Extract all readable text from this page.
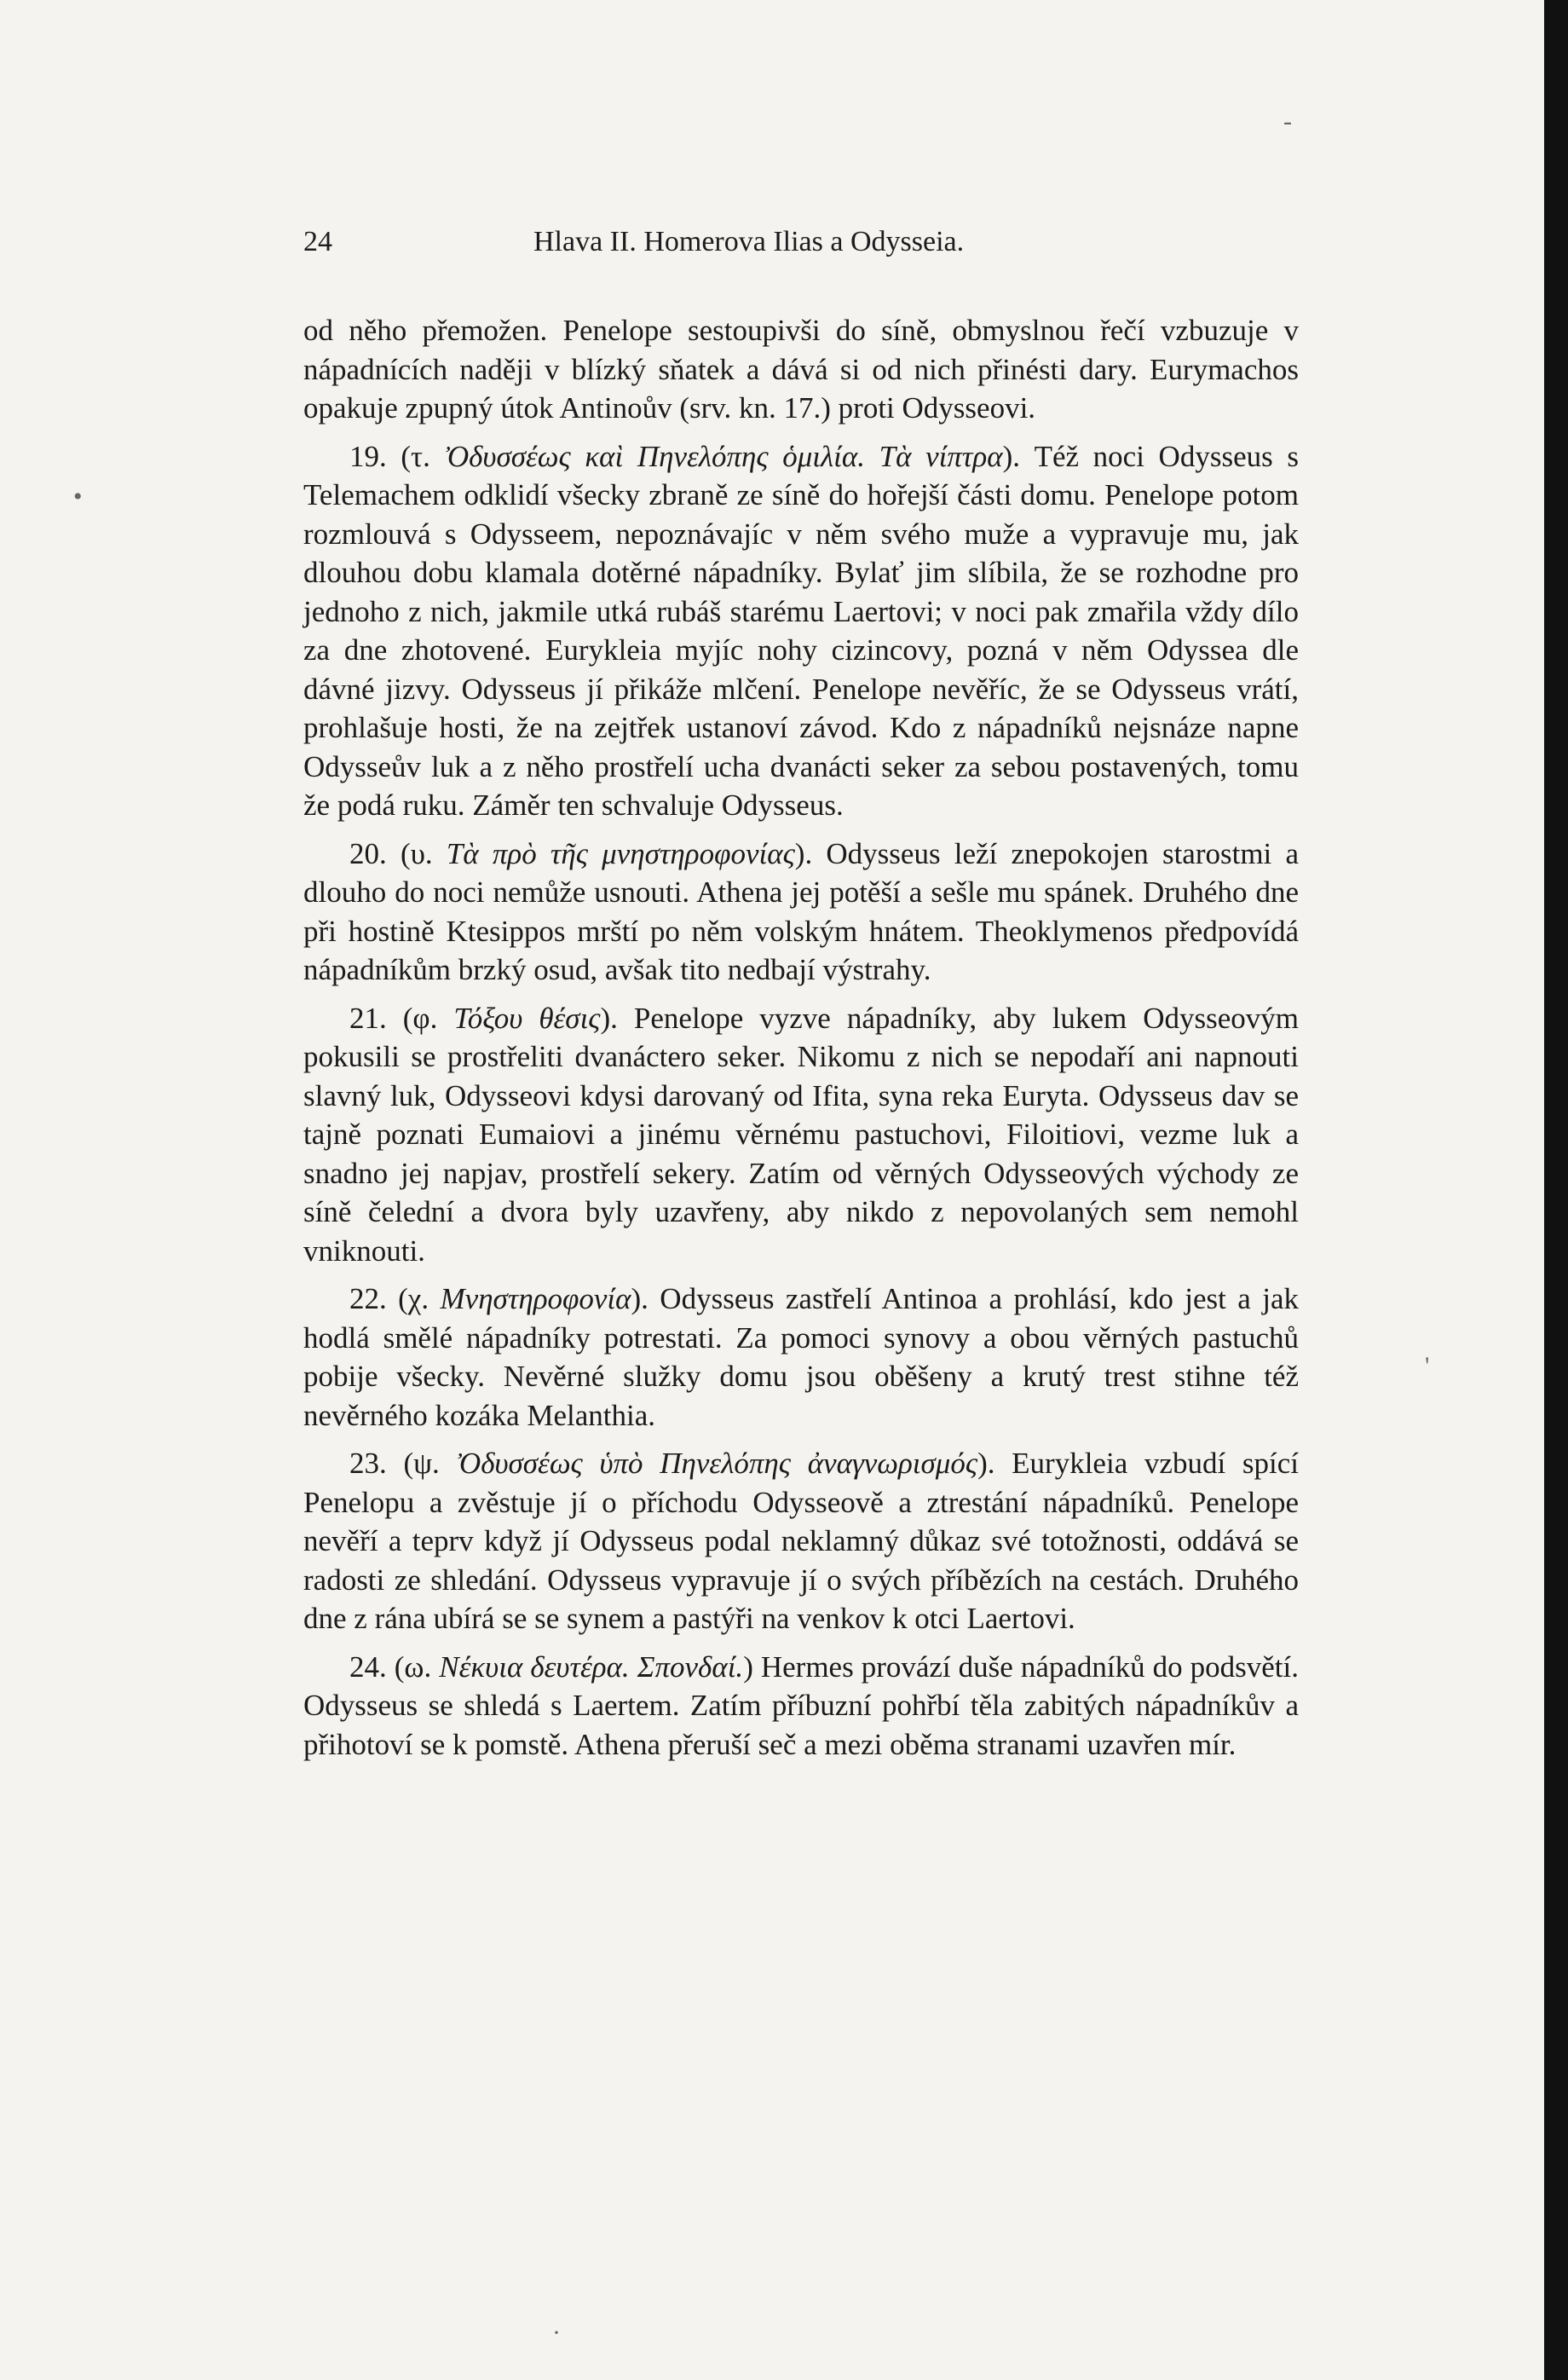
24	Hlava II. Homerova Ilias a Odysseia.

od něho přemožen. Penelope sestoupivši do síně, obmyslnou řečí vzbuzuje v nápadnících naději v blízký sňatek a dává si od nich přinésti dary. Eurymachos opakuje zpupný útok Antinoův (srv. kn. 17.) proti Odysseovi.

19. (τ. Ὀδυσσέως καὶ Πηνελόπης ὁμιλία. Τὰ νίπτρα). Též noci Odysseus s Telemachem odklidí všecky zbraně ze síně do hořejší části domu. Penelope potom rozmlouvá s Odysseem, nepoznávajíc v něm svého muže a vypravuje mu, jak dlouhou dobu klamala dotěrné nápadníky. Bylať jim slíbila, že se rozhodne pro jednoho z nich, jakmile utká rubáš starému Laertovi; v noci pak zmařila vždy dílo za dne zhotovené. Eurykleia myjíc nohy cizincovy, pozná v něm Odyssea dle dávné jizvy. Odysseus jí přikáže mlčení. Penelope nevěříc, že se Odysseus vrátí, prohlašuje hosti, že na zejtřek ustanoví závod. Kdo z nápadníků nejsnáze napne Odysseův luk a z něho prostřelí ucha dvanácti seker za sebou postavených, tomu že podá ruku. Záměr ten schvaluje Odysseus.

20. (υ. Τὰ πρὸ τῆς μνηστηροφονίας). Odysseus leží znepokojen starostmi a dlouho do noci nemůže usnouti. Athena jej potěší a sešle mu spánek. Druhého dne při hostině Ktesippos mrští po něm volským hnátem. Theoklymenos předpovídá nápadníkům brzký osud, avšak tito nedbají výstrahy.

21. (φ. Τόξου θέσις). Penelope vyzve nápadníky, aby lukem Odysseovým pokusili se prostřeliti dvanáctero seker. Nikomu z nich se nepodaří ani napnouti slavný luk, Odysseovi kdysi darovaný od Ifita, syna reka Euryta. Odysseus dav se tajně poznati Eumaiovi a jinému věrnému pastuchovi, Filoitiovi, vezme luk a snadno jej napjav, prostřelí sekery. Zatím od věrných Odysseových východy ze síně čelední a dvora byly uzavřeny, aby nikdo z nepovolaných sem nemohl vniknouti.

22. (χ. Μνηστηροφονία). Odysseus zastřelí Antinoa a prohlásí, kdo jest a jak hodlá smělé nápadníky potrestati. Za pomoci synovy a obou věrných pastuchů pobije všecky. Nevěrné služky domu jsou oběšeny a krutý trest stihne též nevěrného kozáka Melanthia.

23. (ψ. Ὀδυσσέως ὑπὸ Πηνελόπης ἀναγνωρισμός). Eurykleia vzbudí spící Penelopu a zvěstuje jí o příchodu Odysseově a ztrestání nápadníků. Penelope nevěří a teprv když jí Odysseus podal neklamný důkaz své totožnosti, oddává se radosti ze shledání. Odysseus vypravuje jí o svých příbězích na cestách. Druhého dne z rána ubírá se se synem a pastýři na venkov k otci Laertovi.

24. (ω. Νέκυια δευτέρα. Σπονδαί.) Hermes provází duše nápadníků do podsvětí. Odysseus se shledá s Laertem. Zatím příbuzní pohřbí těla zabitých nápadníkův a přihotoví se k pomstě. Athena přeruší seč a mezi oběma stranami uzavřen mír.

•
-
'
·
